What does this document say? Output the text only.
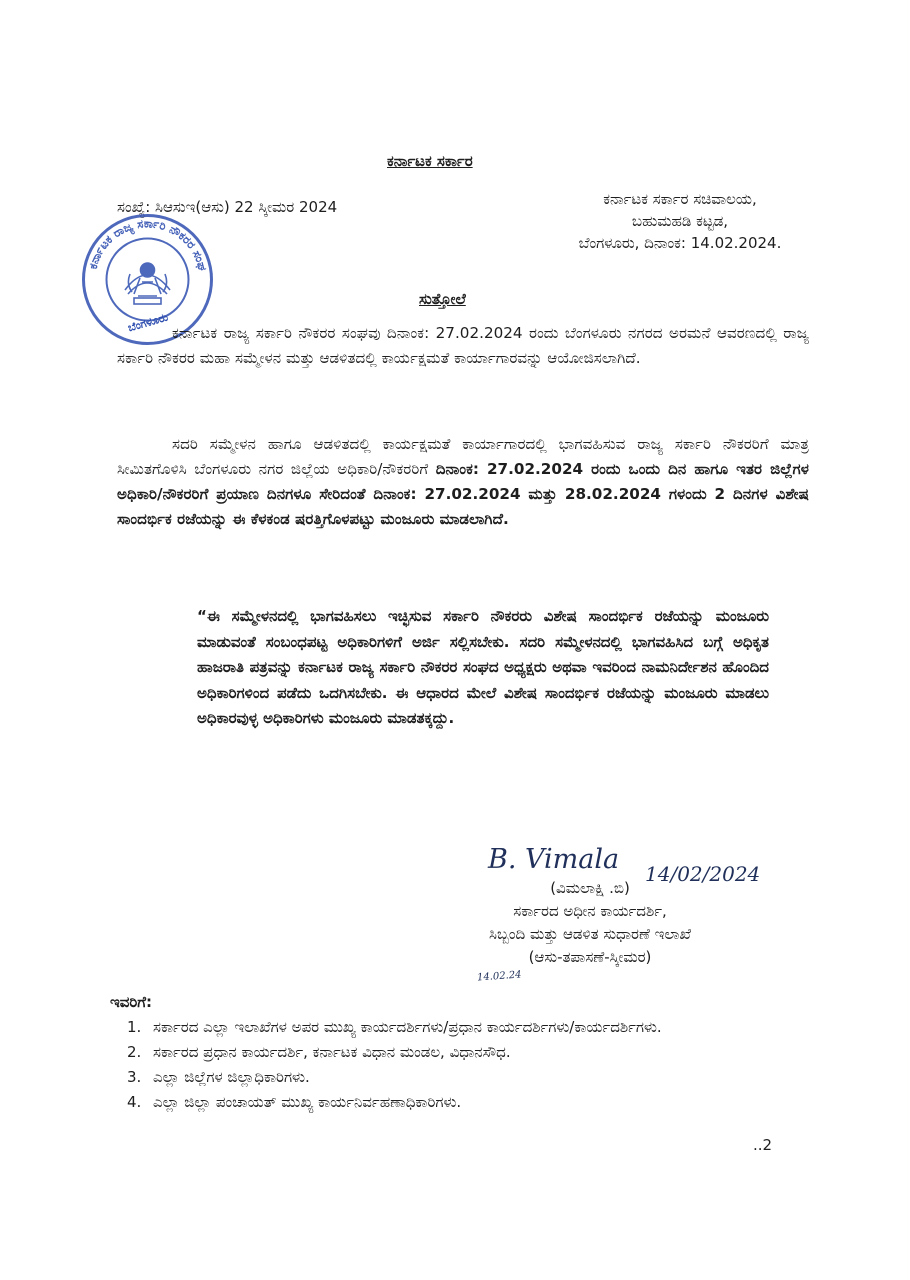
ಕರ್ನಾಟಕ ಸರ್ಕಾರ
ಸಂಖ್ಯೆ: ಸಿಆಸುಇ(ಆಸು) 22 ಸ್ಕೀಮರ 2024	ಕರ್ನಾಟಕ ಸರ್ಕಾರ ಸಚಿವಾಲಯ,
ಬಹುಮಹಡಿ ಕಟ್ಟಡ,
ಬೆಂಗಳೂರು, ದಿನಾಂಕ: 14.02.2024.
ಕರ್ನಾಟಕ ರಾಜ್ಯ ಸರ್ಕಾರಿ ನೌಕರರ ಸಂಘ
ಬೆಂಗಳೂರು
ಸುತ್ತೋಲೆ
ಕರ್ನಾಟಕ ರಾಜ್ಯ ಸರ್ಕಾರಿ ನೌಕರರ ಸಂಘವು ದಿನಾಂಕ: 27.02.2024 ರಂದು ಬೆಂಗಳೂರು ನಗರದ ಅರಮನೆ ಆವರಣದಲ್ಲಿ ರಾಜ್ಯ ಸರ್ಕಾರಿ ನೌಕರರ ಮಹಾ ಸಮ್ಮೇಳನ ಮತ್ತು ಆಡಳಿತದಲ್ಲಿ ಕಾರ್ಯಕ್ಷಮತೆ ಕಾರ್ಯಾಗಾರವನ್ನು ಆಯೋಜಿಸಲಾಗಿದೆ.
ಸದರಿ ಸಮ್ಮೇಳನ ಹಾಗೂ ಆಡಳಿತದಲ್ಲಿ ಕಾರ್ಯಕ್ಷಮತೆ ಕಾರ್ಯಾಗಾರದಲ್ಲಿ ಭಾಗವಹಿಸುವ ರಾಜ್ಯ ಸರ್ಕಾರಿ ನೌಕರರಿಗೆ ಮಾತ್ರ ಸೀಮಿತಗೊಳಿಸಿ ಬೆಂಗಳೂರು ನಗರ ಜಿಲ್ಲೆಯ ಅಧಿಕಾರಿ/ನೌಕರರಿಗೆ ದಿನಾಂಕ: 27.02.2024 ರಂದು ಒಂದು ದಿನ ಹಾಗೂ ಇತರ ಜಿಲ್ಲೆಗಳ ಅಧಿಕಾರಿ/ನೌಕರರಿಗೆ ಪ್ರಯಾಣ ದಿನಗಳೂ ಸೇರಿದಂತೆ ದಿನಾಂಕ: 27.02.2024 ಮತ್ತು 28.02.2024 ಗಳಂದು 2 ದಿನಗಳ ವಿಶೇಷ ಸಾಂದರ್ಭಿಕ ರಜೆಯನ್ನು ಈ ಕೆಳಕಂಡ ಷರತ್ತಿಗೊಳಪಟ್ಟು ಮಂಜೂರು ಮಾಡಲಾಗಿದೆ.
“ಈ ಸಮ್ಮೇಳನದಲ್ಲಿ ಭಾಗವಹಿಸಲು ಇಚ್ಛಿಸುವ ಸರ್ಕಾರಿ ನೌಕರರು ವಿಶೇಷ ಸಾಂದರ್ಭಿಕ ರಜೆಯನ್ನು ಮಂಜೂರು ಮಾಡುವಂತೆ ಸಂಬಂಧಪಟ್ಟ ಅಧಿಕಾರಿಗಳಿಗೆ ಅರ್ಜಿ ಸಲ್ಲಿಸಬೇಕು. ಸದರಿ ಸಮ್ಮೇಳನದಲ್ಲಿ ಭಾಗವಹಿಸಿದ ಬಗ್ಗೆ ಅಧಿಕೃತ ಹಾಜರಾತಿ ಪತ್ರವನ್ನು ಕರ್ನಾಟಕ ರಾಜ್ಯ ಸರ್ಕಾರಿ ನೌಕರರ ಸಂಘದ ಅಧ್ಯಕ್ಷರು ಅಥವಾ ಇವರಿಂದ ನಾಮನಿರ್ದೇಶನ ಹೊಂದಿದ ಅಧಿಕಾರಿಗಳಿಂದ ಪಡೆದು ಒದಗಿಸಬೇಕು. ಈ ಆಧಾರದ ಮೇಲೆ ವಿಶೇಷ ಸಾಂದರ್ಭಿಕ ರಜೆಯನ್ನು ಮಂಜೂರು ಮಾಡಲು ಅಧಿಕಾರವುಳ್ಳ ಅಧಿಕಾರಿಗಳು ಮಂಜೂರು ಮಾಡತಕ್ಕದ್ದು.
B. Vimala 14/02/2024
(ವಿಮಲಾಕ್ಷಿ .ಬಿ)
ಸರ್ಕಾರದ ಅಧೀನ ಕಾರ್ಯದರ್ಶಿ,
ಸಿಬ್ಬಂದಿ ಮತ್ತು ಆಡಳಿತ ಸುಧಾರಣೆ ಇಲಾಖೆ
(ಆಸು-ತಪಾಸಣೆ-ಸ್ಕೀಮರ)
14.02.24
ಇವರಿಗೆ:
1. ಸರ್ಕಾರದ ಎಲ್ಲಾ ಇಲಾಖೆಗಳ ಅಪರ ಮುಖ್ಯ ಕಾರ್ಯದರ್ಶಿಗಳು/ಪ್ರಧಾನ ಕಾರ್ಯದರ್ಶಿಗಳು/ಕಾರ್ಯದರ್ಶಿಗಳು.
2. ಸರ್ಕಾರದ ಪ್ರಧಾನ ಕಾರ್ಯದರ್ಶಿ, ಕರ್ನಾಟಕ ವಿಧಾನ ಮಂಡಲ, ವಿಧಾನಸೌಧ.
3. ಎಲ್ಲಾ ಜಿಲ್ಲೆಗಳ ಜಿಲ್ಲಾಧಿಕಾರಿಗಳು.
4. ಎಲ್ಲಾ ಜಿಲ್ಲಾ ಪಂಚಾಯತ್ ಮುಖ್ಯ ಕಾರ್ಯನಿರ್ವಹಣಾಧಿಕಾರಿಗಳು.
..2
